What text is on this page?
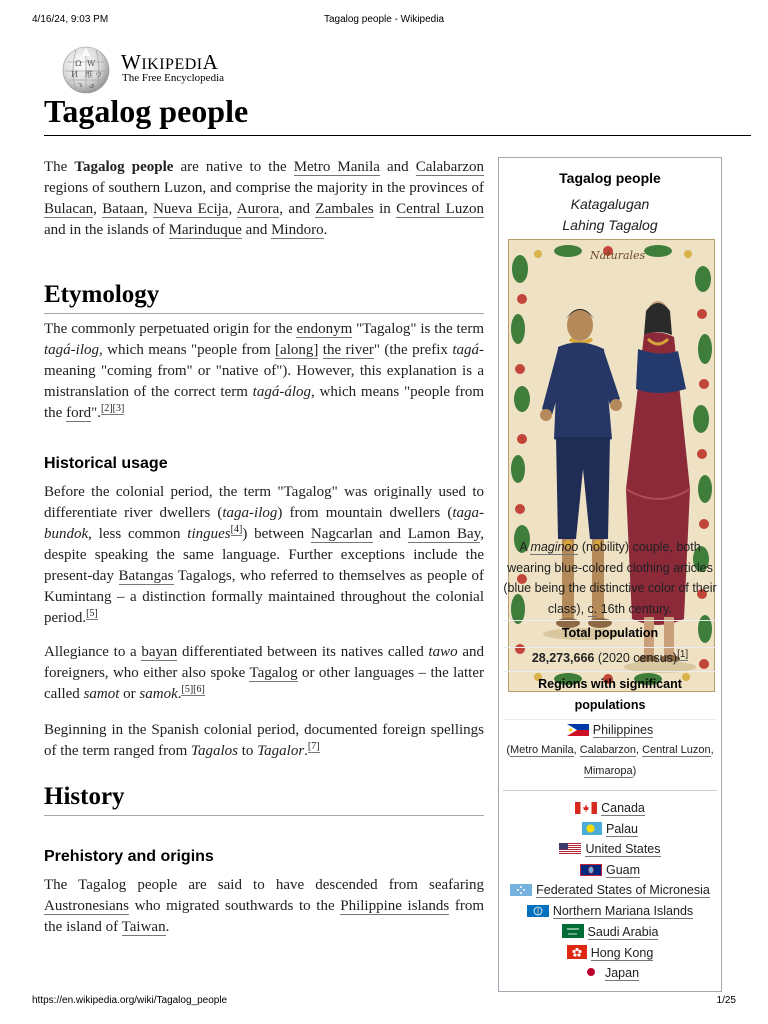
4/16/24, 9:03 PM	Tagalog people - Wikipedia
Ω W
И 维 ウ
ว ی
WIKIPEDIA
The Free Encyclopedia
Tagalog people

The Tagalog people are native to the Metro Manila and Calabarzon regions of southern Luzon, and comprise the majority in the provinces of Bulacan, Bataan, Nueva Ecija, Aurora, and Zambales in Central Luzon and in the islands of Marinduque and Mindoro.

Etymology

The commonly perpetuated origin for the endonym "Tagalog" is the term tagá-ilog, which means "people from [along] the river" (the prefix tagá- meaning "coming from" or "native of"). However, this explanation is a mistranslation of the correct term tagá-álog, which means "people from the ford".[2][3]

Historical usage

Before the colonial period, the term "Tagalog" was originally used to differentiate river dwellers (taga-ilog) from mountain dwellers (taga-bundok, less common tingues[4]) between Nagcarlan and Lamon Bay, despite speaking the same language. Further exceptions include the present-day Batangas Tagalogs, who referred to themselves as people of Kumintang – a distinction formally maintained throughout the colonial period.[5]

Allegiance to a bayan differentiated between its natives called tawo and foreigners, who either also spoke Tagalog or other languages – the latter called samot or samok.[5][6]

Beginning in the Spanish colonial period, documented foreign spellings of the term ranged from Tagalos to Tagalor.[7]

History
Prehistory and origins

The Tagalog people are said to have descended from seafaring Austronesians who migrated southwards to the Philippine islands from the island of Taiwan.

Tagalog people
Katagalugan
Lahing Tagalog
Naturales
A maginoo (nobility) couple, both wearing blue-colored clothing articles (blue being the distinctive color of their class), c. 16th century.
Total population
28,273,666 (2020 census)[1]
Regions with significant populations
Philippines
(Metro Manila, Calabarzon, Central Luzon, Mimaropa)
Canada
Palau
United States
Guam
Federated States of Micronesia
Northern Mariana Islands
Saudi Arabia
Hong Kong
Japan
https://en.wikipedia.org/wiki/Tagalog_people	1/25
